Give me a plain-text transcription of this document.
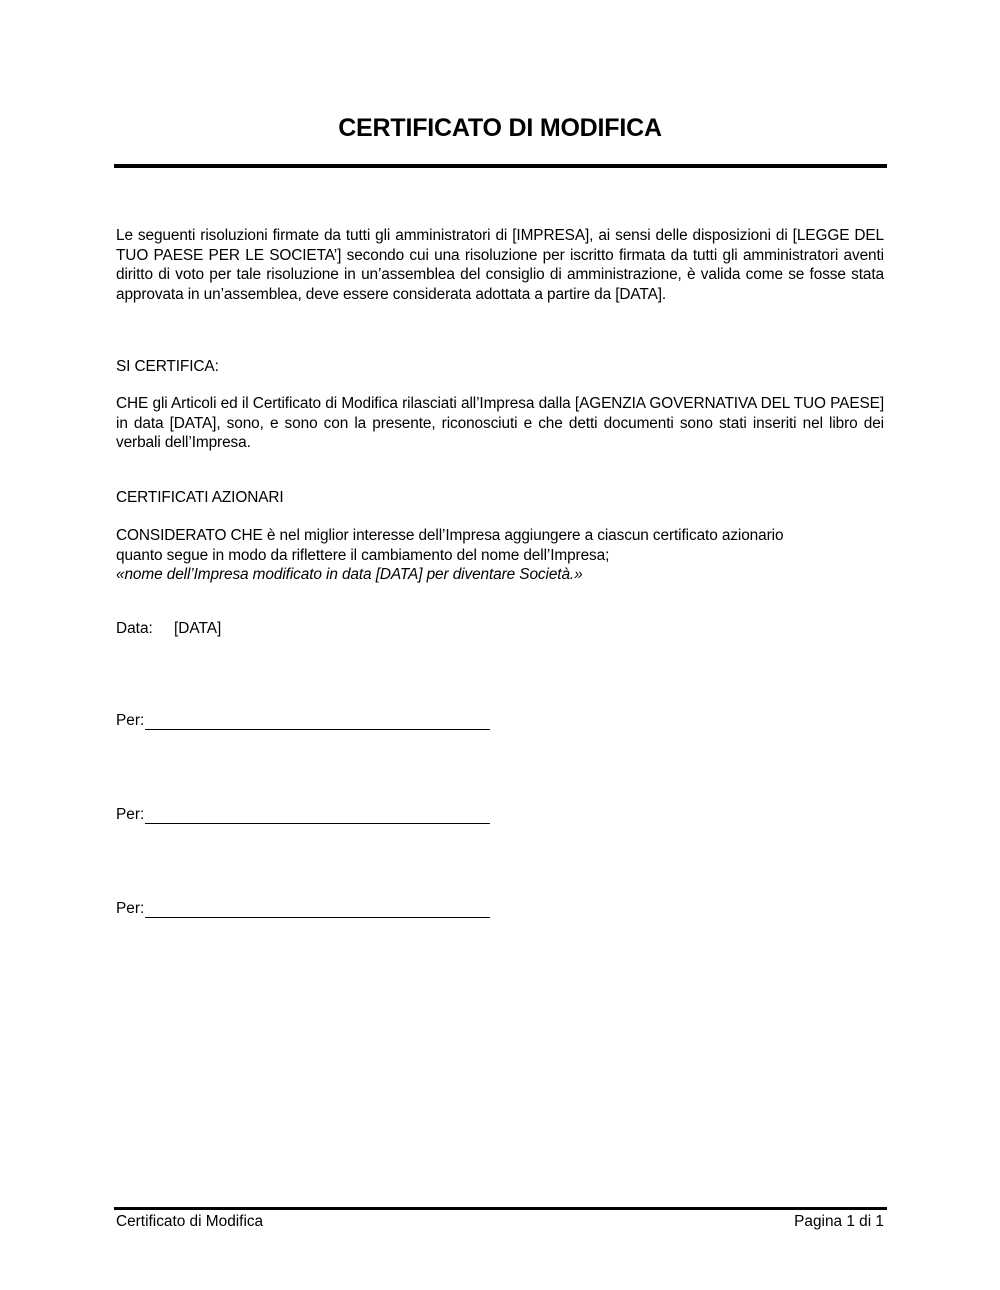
CERTIFICATO DI MODIFICA
Le seguenti risoluzioni firmate da tutti gli amministratori di [IMPRESA], ai sensi delle disposizioni di [LEGGE DEL TUO PAESE PER LE SOCIETA’] secondo cui una risoluzione per iscritto firmata da tutti gli amministratori aventi diritto di voto per tale risoluzione in un’assemblea del consiglio di amministrazione, è valida come se fosse stata approvata in un’assemblea, deve essere considerata adottata a partire da [DATA].
SI CERTIFICA:
CHE gli Articoli ed il Certificato di Modifica rilasciati all’Impresa dalla [AGENZIA GOVERNATIVA DEL TUO PAESE] in data [DATA], sono, e sono con la presente, riconosciuti e che detti documenti sono stati inseriti nel libro dei verbali dell’Impresa.
CERTIFICATI AZIONARI
CONSIDERATO CHE è nel miglior interesse dell’Impresa aggiungere a ciascun certificato azionario
quanto segue in modo da riflettere il cambiamento del nome dell’Impresa;
«nome dell’Impresa modificato in data [DATA] per diventare Società.»
Data: [DATA]
Per:
Per:
Per:
Certificato di Modifica	Pagina 1 di 1
